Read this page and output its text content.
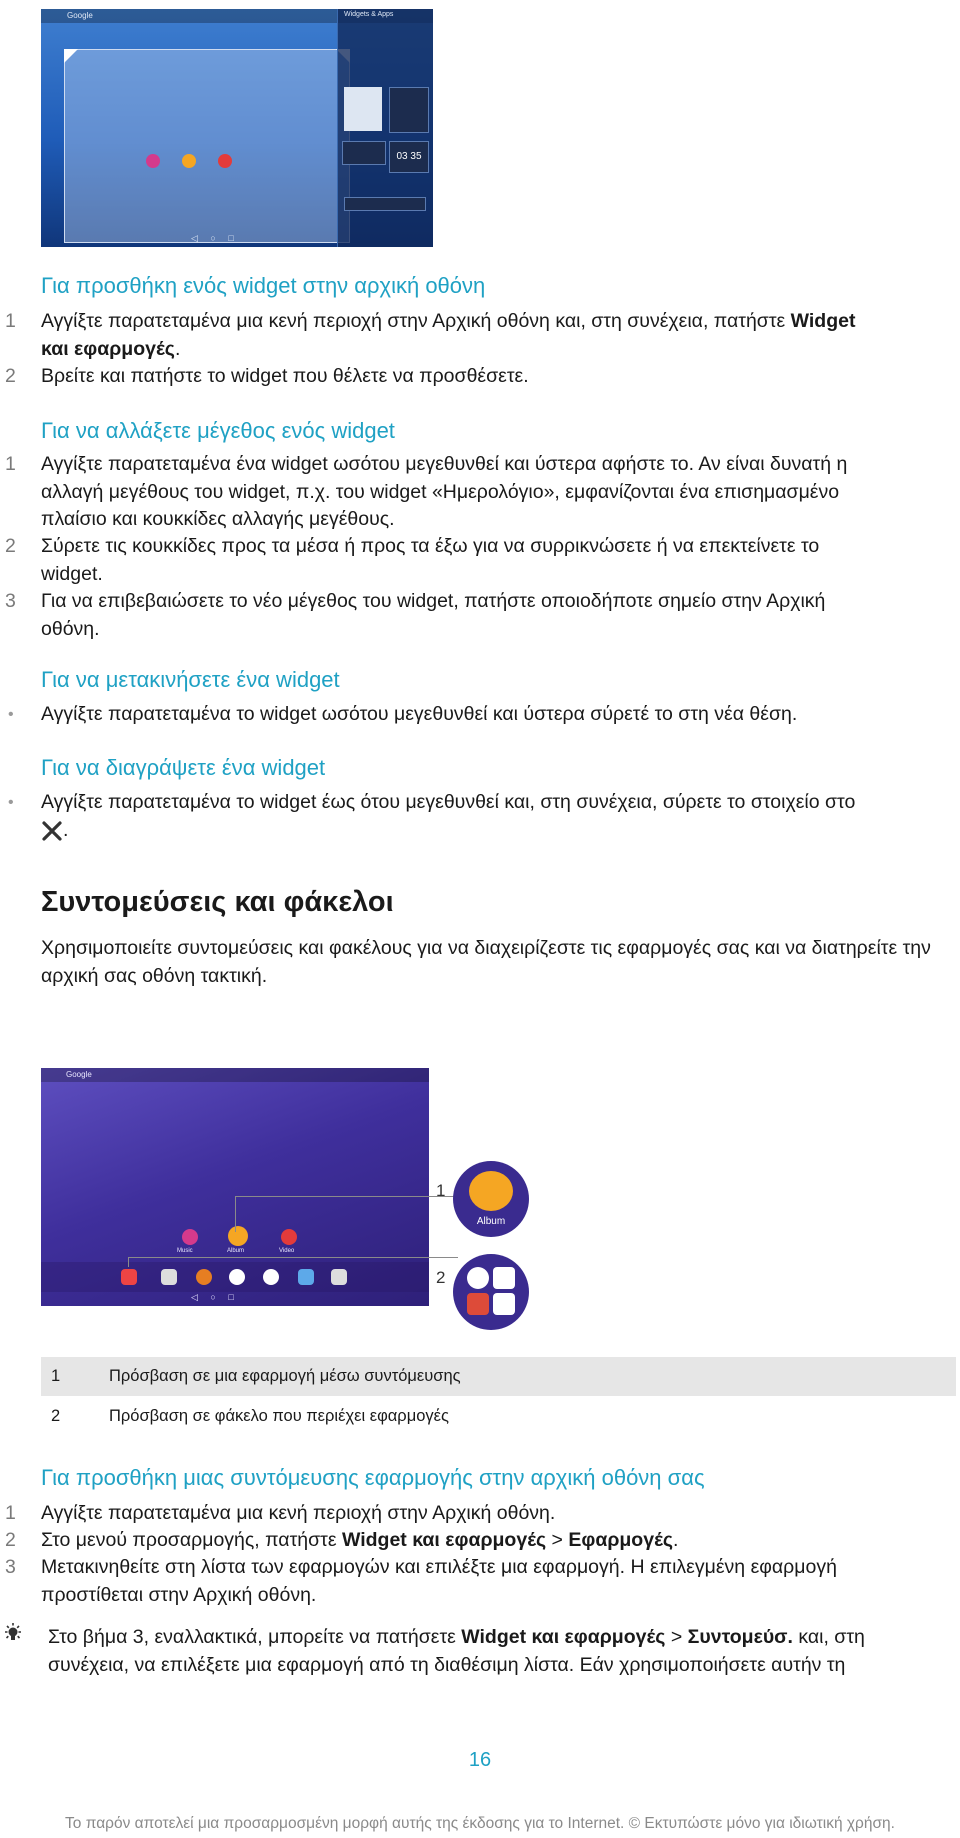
Google	Widgets & Apps
03 35
◁     ○     □
Για προσθήκη ενός widget στην αρχική οθόνη
1 Αγγίξτε παρατεταμένα μια κενή περιοχή στην Αρχική οθόνη και, στη συνέχεια, πατήστε Widget
και εφαρμογές.
2 Βρείτε και πατήστε το widget που θέλετε να προσθέσετε.
Για να αλλάξετε μέγεθος ενός widget
1 Αγγίξτε παρατεταμένα ένα widget ωσότου μεγεθυνθεί και ύστερα αφήστε το. Αν είναι δυνατή η
αλλαγή μεγέθους του widget, π.χ. του widget «Ημερολόγιο», εμφανίζονται ένα επισημασμένο
πλαίσιο και κουκκίδες αλλαγής μεγέθους.
2 Σύρετε τις κουκκίδες προς τα μέσα ή προς τα έξω για να συρρικνώσετε ή να επεκτείνετε το
widget.
3 Για να επιβεβαιώσετε το νέο μέγεθος του widget, πατήστε οποιοδήποτε σημείο στην Αρχική
οθόνη.
Για να μετακινήσετε ένα widget
• Αγγίξτε παρατεταμένα το widget ωσότου μεγεθυνθεί και ύστερα σύρετέ το στη νέα θέση.
Για να διαγράψετε ένα widget
• Αγγίξτε παρατεταμένα το widget έως ότου μεγεθυνθεί και, στη συνέχεια, σύρετε το στοιχείο στο
.
Συντομεύσεις και φάκελοι
Χρησιμοποιείτε συντομεύσεις και φακέλους για να διαχειρίζεστε τις εφαρμογές σας και να διατηρείτε την
αρχική σας οθόνη τακτική.
Google
Music	Album	Video
◁     ○     □
1
2
Album
1	Πρόσβαση σε μια εφαρμογή μέσω συντόμευσης
2	Πρόσβαση σε φάκελο που περιέχει εφαρμογές
Για προσθήκη μιας συντόμευσης εφαρμογής στην αρχική οθόνη σας
1 Αγγίξτε παρατεταμένα μια κενή περιοχή στην Αρχική οθόνη.
2 Στο μενού προσαρμογής, πατήστε Widget και εφαρμογές > Εφαρμογές.
3 Μετακινηθείτε στη λίστα των εφαρμογών και επιλέξτε μια εφαρμογή. Η επιλεγμένη εφαρμογή
προστίθεται στην Αρχική οθόνη.
Στο βήμα 3, εναλλακτικά, μπορείτε να πατήσετε Widget και εφαρμογές > Συντομεύσ. και, στη
συνέχεια, να επιλέξετε μια εφαρμογή από τη διαθέσιμη λίστα. Εάν χρησιμοποιήσετε αυτήν τη
16
Το παρόν αποτελεί μια προσαρμοσμένη μορφή αυτής της έκδοσης για το Internet. © Εκτυπώστε μόνο για ιδιωτική χρήση.
